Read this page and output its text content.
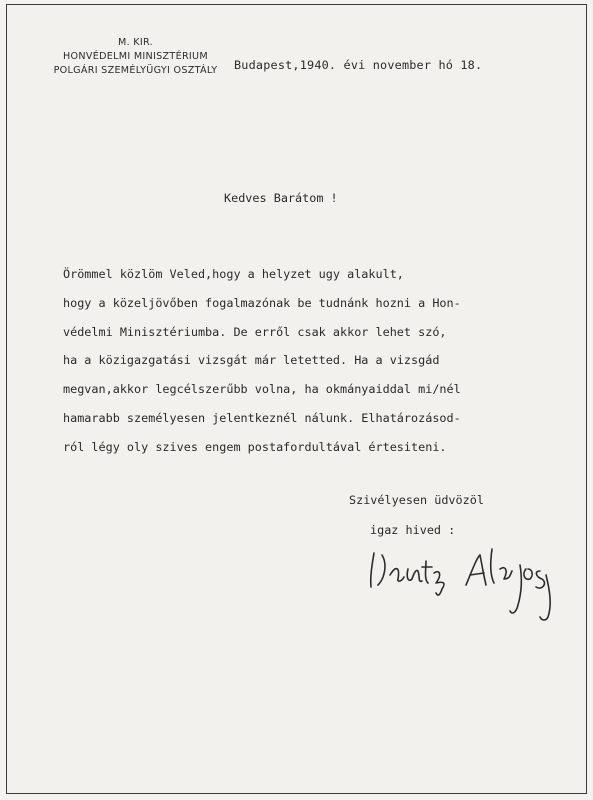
M. KIR.
HONVÉDELMI MINISZTÉRIUM
POLGÁRI SZEMÉLYÜGYI OSZTÁLY	Budapest,1940. évi november hó 18.
Kedves Barátom !
Örömmel közlöm Veled,hogy a helyzet ugy alakult,
hogy a közeljövőben fogalmazónak be tudnánk hozni a Hon-
védelmi Minisztériumba. De erről csak akkor lehet szó,
ha a közigazgatási vizsgát már letetted. Ha a vizsgád
megvan,akkor legcélszerűbb volna, ha okmányaiddal mi/nél
hamarabb személyesen jelentkeznél nálunk. Elhatározásod-
ról légy oly szives engem postafordultával értesiteni.
Szivélyesen üdvözöl
igaz hived :
